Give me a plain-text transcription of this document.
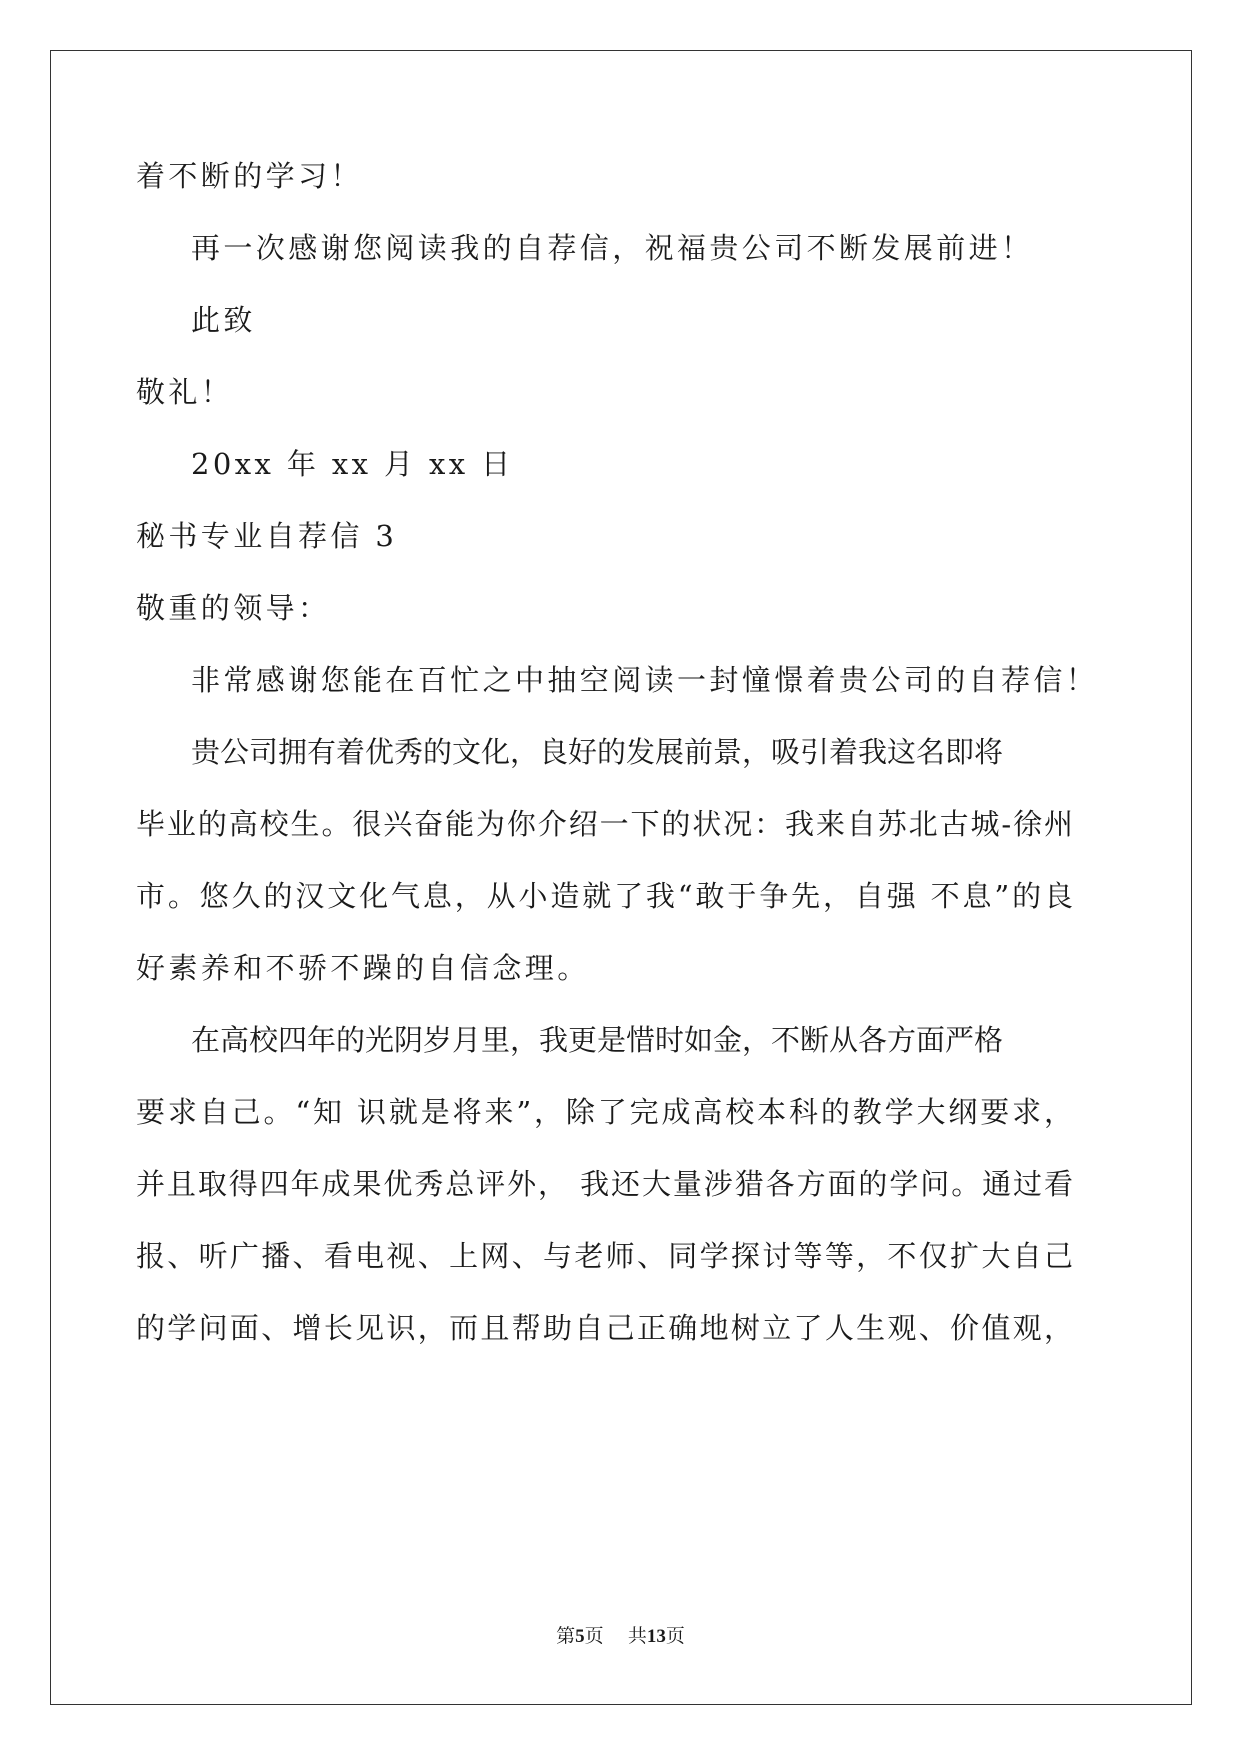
着不断的学习！
再一次感谢您阅读我的自荐信，祝福贵公司不断发展前进！
此致
敬礼！
20xx 年 xx 月 xx 日
秘书专业自荐信 3
敬重的领导：
非常感谢您能在百忙之中抽空阅读一封憧憬着贵公司的自荐信！
贵公司拥有着优秀的文化，良好的发展前景，吸引着我这名即将
毕业的高校生。很兴奋能为你介绍一下的状况：我来自苏北古城-徐州
市。悠久的汉文化气息，从小造就了我“敢于争先，自强 不息”的良
好素养和不骄不躁的自信念理。
在高校四年的光阴岁月里，我更是惜时如金，不断从各方面严格
要求自己。“知 识就是将来”，除了完成高校本科的教学大纲要求，
并且取得四年成果优秀总评外， 我还大量涉猎各方面的学问。通过看
报、听广播、看电视、上网、与老师、同学探讨等等，不仅扩大自己
的学问面、增长见识，而且帮助自己正确地树立了人生观、价值观，
第5页 共13页
